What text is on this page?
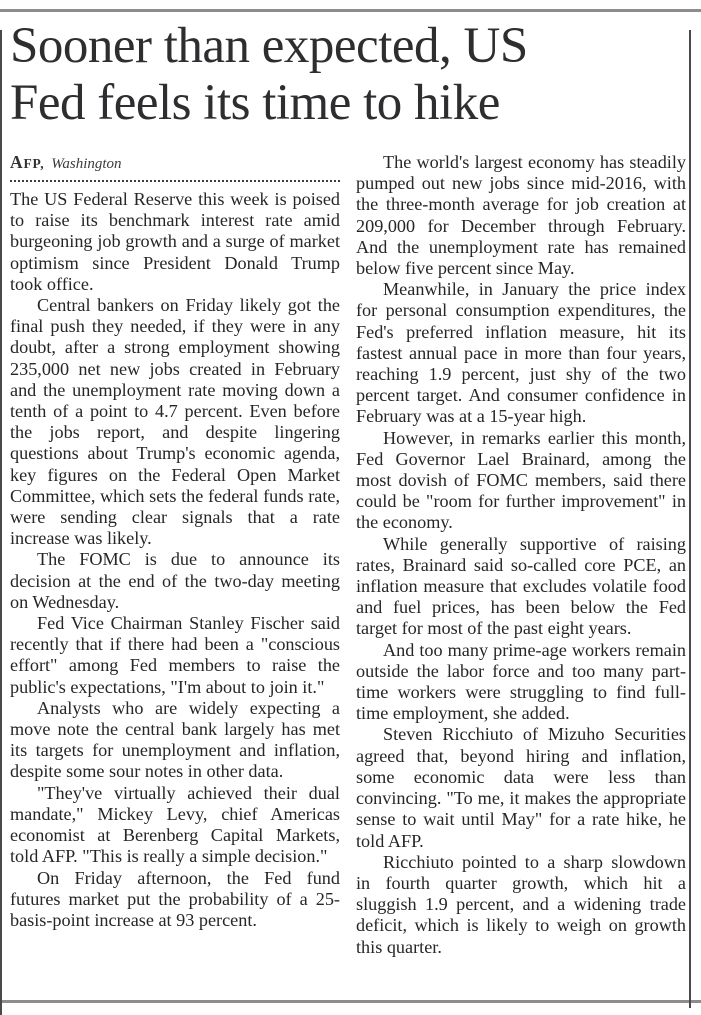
Sooner than expected, US
Fed feels its time to hike
AFP, Washington

The US Federal Reserve this week is poised to raise its benchmark interest rate amid burgeoning job growth and a surge of market optimism since President Donald Trump took office.

Central bankers on Friday likely got the final push they needed, if they were in any doubt, after a strong employment showing 235,000 net new jobs created in February and the unemployment rate moving down a tenth of a point to 4.7 percent. Even before the jobs report, and despite lingering questions about Trump's economic agenda, key figures on the Federal Open Market Committee, which sets the federal funds rate, were sending clear signals that a rate increase was likely.

The FOMC is due to announce its decision at the end of the two-day meeting on Wednesday.

Fed Vice Chairman Stanley Fischer said recently that if there had been a "conscious effort" among Fed members to raise the public's expectations, "I'm about to join it."

Analysts who are widely expecting a move note the central bank largely has met its targets for unemployment and inflation, despite some sour notes in other data.

"They've virtually achieved their dual mandate," Mickey Levy, chief Americas economist at Berenberg Capital Markets, told AFP. "This is really a simple decision."

On Friday afternoon, the Fed fund futures market put the probability of a 25-basis-point increase at 93 percent.

The world's largest economy has steadily pumped out new jobs since mid-2016, with the three-month average for job creation at 209,000 for December through February. And the unemployment rate has remained below five percent since May.

Meanwhile, in January the price index for personal consumption expenditures, the Fed's preferred inflation measure, hit its fastest annual pace in more than four years, reaching 1.9 percent, just shy of the two percent target. And consumer confidence in February was at a 15-year high.

However, in remarks earlier this month, Fed Governor Lael Brainard, among the most dovish of FOMC members, said there could be "room for further improvement" in the economy.

While generally supportive of raising rates, Brainard said so-called core PCE, an inflation measure that excludes volatile food and fuel prices, has been below the Fed target for most of the past eight years.

And too many prime-age workers remain outside the labor force and too many part-time workers were struggling to find full-time employment, she added.

Steven Ricchiuto of Mizuho Securities agreed that, beyond hiring and inflation, some economic data were less than convincing. "To me, it makes the appropriate sense to wait until May" for a rate hike, he told AFP.

Ricchiuto pointed to a sharp slowdown in fourth quarter growth, which hit a sluggish 1.9 percent, and a widening trade deficit, which is likely to weigh on growth this quarter.
